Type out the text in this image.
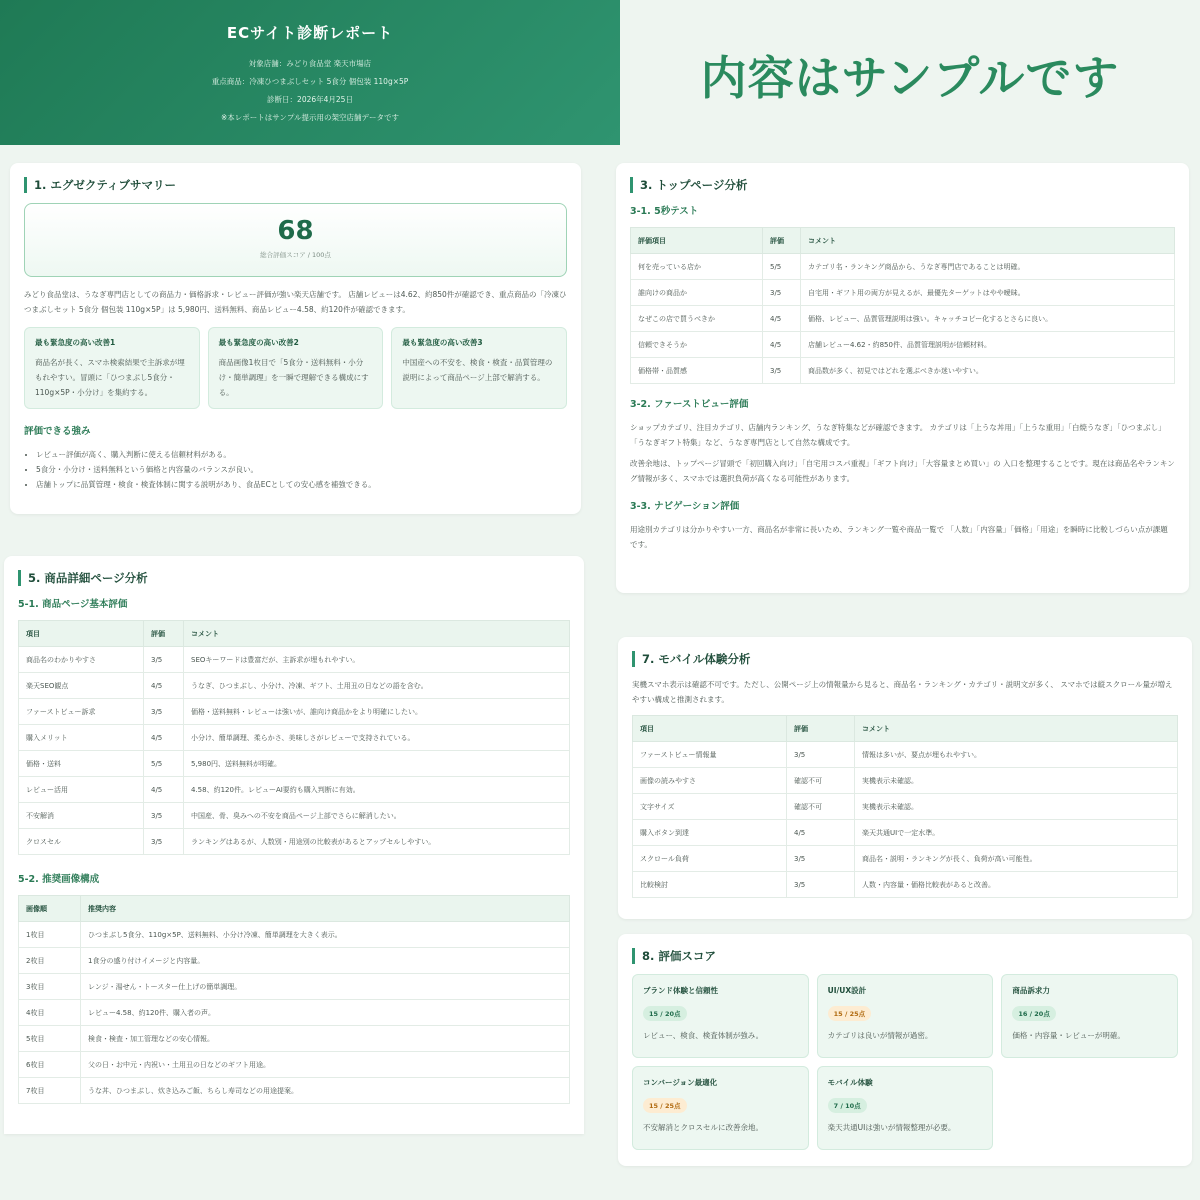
ECサイト診断レポート
対象店舗：みどり食品堂 楽天市場店
重点商品：冷凍ひつまぶしセット 5食分 個包装 110g×5P
診断日：2026年4月25日
※本レポートはサンプル提示用の架空店舗データです
内容はサンプルです
1. エグゼクティブサマリー
68
総合評価スコア / 100点
みどり食品堂は、うなぎ専門店としての商品力・価格訴求・レビュー評価が強い楽天店舗です。 店舗レビューは4.62、約850件が確認でき、重点商品の「冷凍ひつまぶしセット 5食分 個包装 110g×5P」は 5,980円、送料無料、商品レビュー4.58、約120件が確認できます。
最も緊急度の高い改善1
商品名が長く、スマホ検索結果で主訴求が埋もれやすい。冒頭に「ひつまぶし5食分・110g×5P・小分け」を集約する。
最も緊急度の高い改善2
商品画像1枚目で「5食分・送料無料・小分け・簡単調理」を一瞬で理解できる構成にする。
最も緊急度の高い改善3
中国産への不安を、検食・検査・品質管理の説明によって商品ページ上部で解消する。
評価できる強み
• レビュー評価が高く、購入判断に使える信頼材料がある。
• 5食分・小分け・送料無料という価格と内容量のバランスが良い。
• 店舗トップに品質管理・検食・検査体制に関する説明があり、食品ECとしての安心感を補強できる。
3. トップページ分析
3-1. 5秒テスト
評価項目	評価	コメント
何を売っている店か	5/5	カテゴリ名・ランキング商品から、うなぎ専門店であることは明確。
誰向けの商品か	3/5	自宅用・ギフト用の両方が見えるが、最優先ターゲットはやや曖昧。
なぜこの店で買うべきか	4/5	価格、レビュー、品質管理説明は強い。キャッチコピー化するとさらに良い。
信頼できそうか	4/5	店舗レビュー4.62・約850件、品質管理説明が信頼材料。
価格帯・品質感	3/5	商品数が多く、初見ではどれを選ぶべきか迷いやすい。
3-2. ファーストビュー評価
ショップカテゴリ、注目カテゴリ、店舗内ランキング、うなぎ特集などが確認できます。 カテゴリは「上うな丼用」「上うな重用」「白焼うなぎ」「ひつまぶし」「うなぎギフト特集」など、うなぎ専門店として自然な構成です。
改善余地は、トップページ冒頭で「初回購入向け」「自宅用コスパ重視」「ギフト向け」「大容量まとめ買い」の 入口を整理することです。現在は商品名やランキング情報が多く、スマホでは選択負荷が高くなる可能性があります。
3-3. ナビゲーション評価
用途別カテゴリは分かりやすい一方、商品名が非常に長いため、ランキング一覧や商品一覧で 「人数」「内容量」「価格」「用途」を瞬時に比較しづらい点が課題です。
5. 商品詳細ページ分析
5-1. 商品ページ基本評価
項目	評価	コメント
商品名のわかりやすさ	3/5	SEOキーワードは豊富だが、主訴求が埋もれやすい。
楽天SEO観点	4/5	うなぎ、ひつまぶし、小分け、冷凍、ギフト、土用丑の日などの語を含む。
ファーストビュー訴求	3/5	価格・送料無料・レビューは強いが、誰向け商品かをより明確にしたい。
購入メリット	4/5	小分け、簡単調理、柔らかさ、美味しさがレビューで支持されている。
価格・送料	5/5	5,980円、送料無料が明確。
レビュー活用	4/5	4.58、約120件。レビューAI要約も購入判断に有効。
不安解消	3/5	中国産、骨、臭みへの不安を商品ページ上部でさらに解消したい。
クロスセル	3/5	ランキングはあるが、人数別・用途別の比較表があるとアップセルしやすい。
5-2. 推奨画像構成
画像順	推奨内容
1枚目	ひつまぶし5食分、110g×5P、送料無料、小分け冷凍、簡単調理を大きく表示。
2枚目	1食分の盛り付けイメージと内容量。
3枚目	レンジ・湯せん・トースター仕上げの簡単調理。
4枚目	レビュー4.58、約120件、購入者の声。
5枚目	検食・検査・加工管理などの安心情報。
6枚目	父の日・お中元・内祝い・土用丑の日などのギフト用途。
7枚目	うな丼、ひつまぶし、炊き込みご飯、ちらし寿司などの用途提案。
7. モバイル体験分析
実機スマホ表示は確認不可です。ただし、公開ページ上の情報量から見ると、商品名・ランキング・カテゴリ・説明文が多く、 スマホでは縦スクロール量が増えやすい構成と推測されます。
項目	評価	コメント
ファーストビュー情報量	3/5	情報は多いが、要点が埋もれやすい。
画像の読みやすさ	確認不可	実機表示未確認。
文字サイズ	確認不可	実機表示未確認。
購入ボタン到達	4/5	楽天共通UIで一定水準。
スクロール負荷	3/5	商品名・説明・ランキングが長く、負荷が高い可能性。
比較検討	3/5	人数・内容量・価格比較表があると改善。
8. 評価スコア
ブランド体験と信頼性
15 / 20点
レビュー、検食、検査体制が強み。
UI/UX設計
15 / 25点
カテゴリは良いが情報が過密。
商品訴求力
16 / 20点
価格・内容量・レビューが明確。
コンバージョン最適化
15 / 25点
不安解消とクロスセルに改善余地。
モバイル体験
7 / 10点
楽天共通UIは強いが情報整理が必要。
